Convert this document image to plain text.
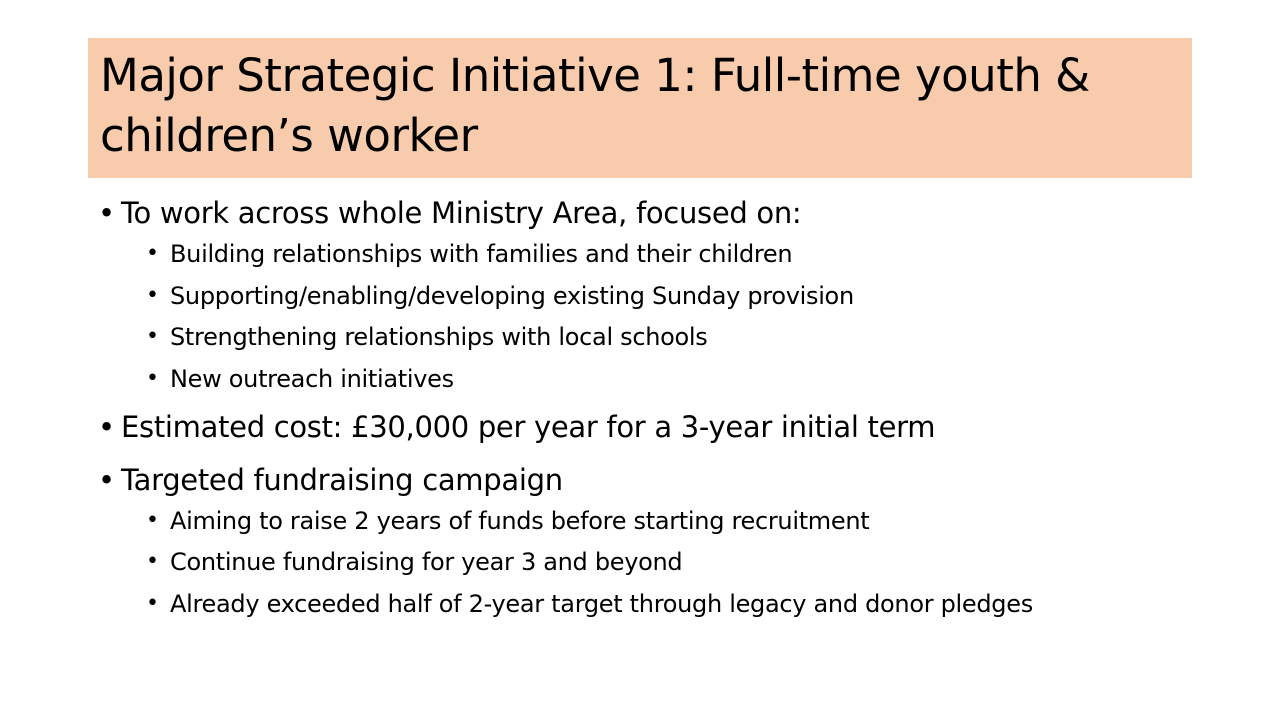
Major Strategic Initiative 1: Full-time youth & children’s worker
• To work across whole Ministry Area, focused on:
• Building relationships with families and their children
• Supporting/enabling/developing existing Sunday provision
• Strengthening relationships with local schools
• New outreach initiatives
• Estimated cost: £30,000 per year for a 3-year initial term
• Targeted fundraising campaign
• Aiming to raise 2 years of funds before starting recruitment
• Continue fundraising for year 3 and beyond
• Already exceeded half of 2-year target through legacy and donor pledges
